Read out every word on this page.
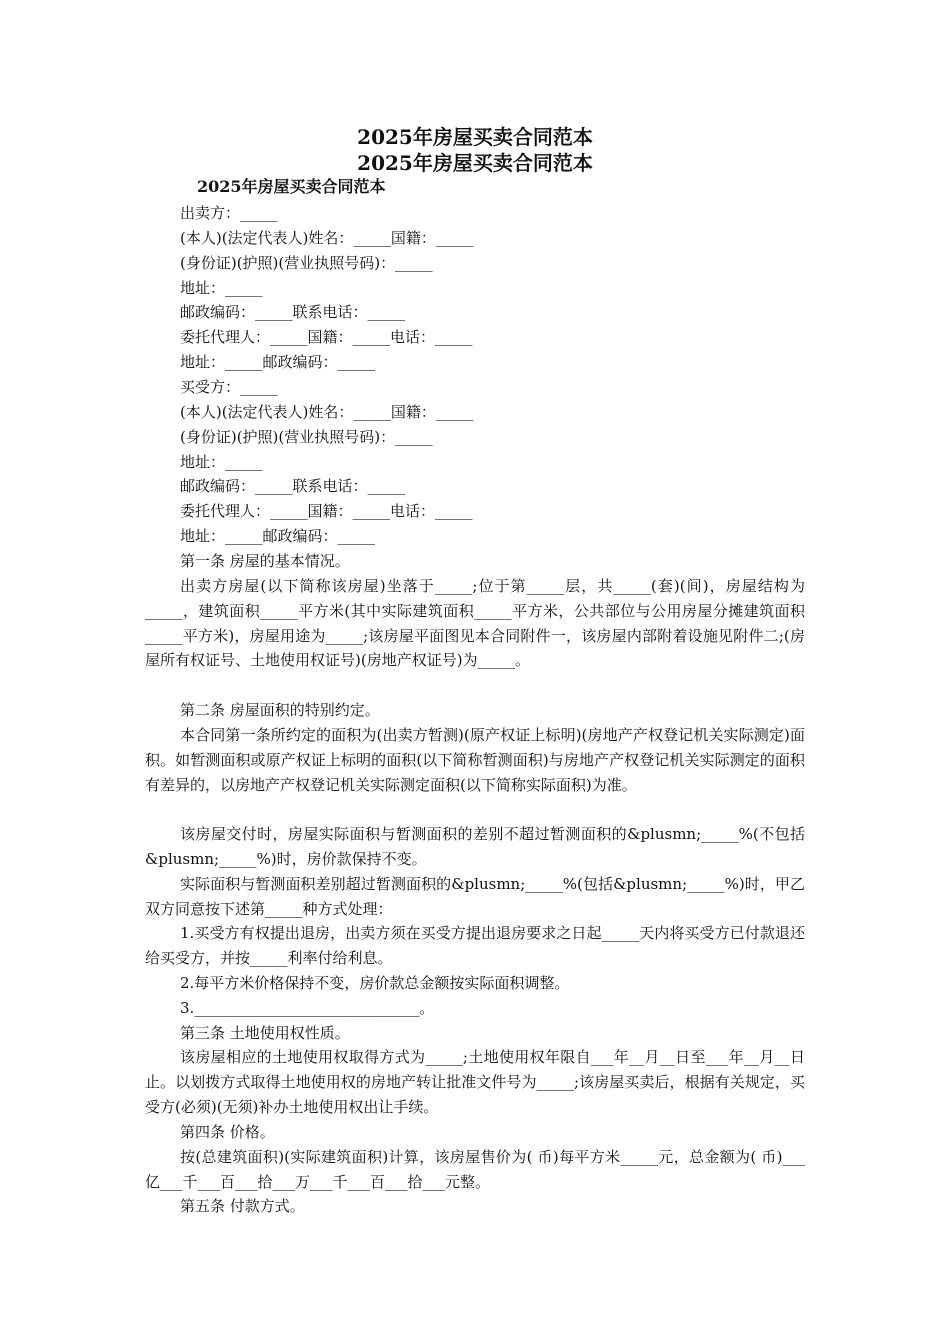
2025年房屋买卖合同范本
2025年房屋买卖合同范本
2025年房屋买卖合同范本
出卖方：_____
(本人)(法定代表人)姓名：_____国籍：_____
(身份证)(护照)(营业执照号码)：_____
地址：_____
邮政编码：_____联系电话：_____
委托代理人：_____国籍：_____电话：_____
地址：_____邮政编码：_____
买受方：_____
(本人)(法定代表人)姓名：_____国籍：_____
(身份证)(护照)(营业执照号码)：_____
地址：_____
邮政编码：_____联系电话：_____
委托代理人：_____国籍：_____电话：_____
地址：_____邮政编码：_____
第一条 房屋的基本情况。
出卖方房屋(以下简称该房屋)坐落于_____;位于第_____层，共_____(套)(间)，房屋结构为_____，建筑面积_____平方米(其中实际建筑面积_____平方米，公共部位与公用房屋分摊建筑面积_____平方米)，房屋用途为_____;该房屋平面图见本合同附件一，该房屋内部附着设施见附件二;(房屋所有权证号、土地使用权证号)(房地产权证号)为_____。
第二条 房屋面积的特别约定。
本合同第一条所约定的面积为(出卖方暂测)(原产权证上标明)(房地产产权登记机关实际测定)面积。如暂测面积或原产权证上标明的面积(以下简称暂测面积)与房地产产权登记机关实际测定的面积有差异的，以房地产产权登记机关实际测定面积(以下简称实际面积)为准。
该房屋交付时，房屋实际面积与暂测面积的差别不超过暂测面积的&plusmn;_____%(不包括&plusmn;_____%)时，房价款保持不变。
实际面积与暂测面积差别超过暂测面积的&plusmn;_____%(包括&plusmn;_____%)时，甲乙双方同意按下述第_____种方式处理：
1.买受方有权提出退房，出卖方须在买受方提出退房要求之日起_____天内将买受方已付款退还给买受方，并按_____利率付给利息。
2.每平方米价格保持不变，房价款总金额按实际面积调整。
3.______________________________。
第三条 土地使用权性质。
该房屋相应的土地使用权取得方式为_____;土地使用权年限自___年__月__日至___年__月__日止。以划拨方式取得土地使用权的房地产转让批准文件号为_____;该房屋买卖后，根据有关规定，买受方(必须)(无须)补办土地使用权出让手续。
第四条 价格。
按(总建筑面积)(实际建筑面积)计算，该房屋售价为( 币)每平方米_____元，总金额为( 币)___亿___千___百___拾___万___千___百___拾___元整。
第五条 付款方式。
